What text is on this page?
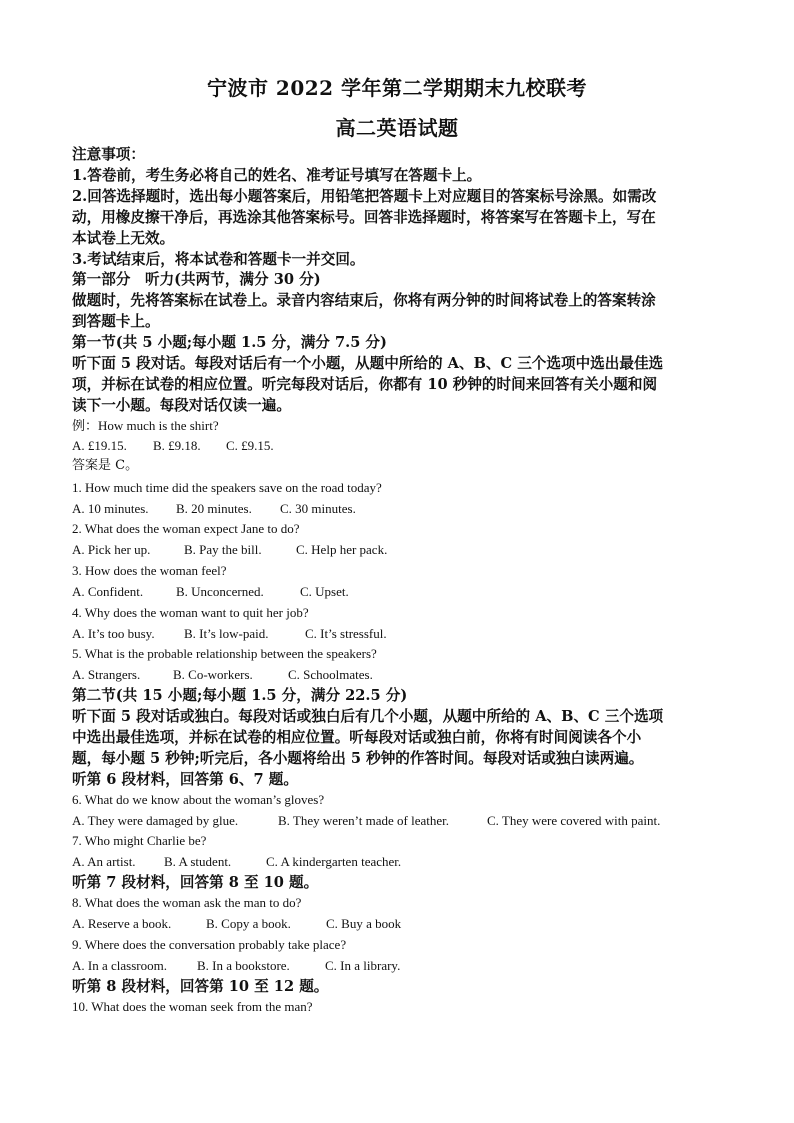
宁波市 2022 学年第二学期期末九校联考
高二英语试题
注意事项：
1.答卷前，考生务必将自己的姓名、准考证号填写在答题卡上。
2.回答选择题时，选出每小题答案后，用铅笔把答题卡上对应题目的答案标号涂黑。如需改
动，用橡皮擦干净后，再选涂其他答案标号。回答非选择题时，将答案写在答题卡上，写在
本试卷上无效。
3.考试结束后，将本试卷和答题卡一并交回。
第一部分　听力(共两节，满分 30 分)
做题时，先将答案标在试卷上。录音内容结束后，你将有两分钟的时间将试卷上的答案转涂
到答题卡上。
第一节(共 5 小题;每小题 1.5 分，满分 7.5 分)
听下面 5 段对话。每段对话后有一个小题，从题中所给的 A、B、C 三个选项中选出最佳选
项，并标在试卷的相应位置。听完每段对话后，你都有 10 秒钟的时间来回答有关小题和阅
读下一小题。每段对话仅读一遍。
例：How much is the shirt?
A. £19.15. B. £9.18. C. £9.15.
答案是 C。
1. How much time did the speakers save on the road today?
A. 10 minutes. B. 20 minutes. C. 30 minutes.
2. What does the woman expect Jane to do?
A. Pick her up.	B. Pay the bill.	C. Help her pack.
3. How does the woman feel?
A. Confident.	B. Unconcerned.	C. Upset.
4. Why does the woman want to quit her job?
A. It’s too busy. B. It’s low-paid.	C. It’s stressful.
5. What is the probable relationship between the speakers?
A. Strangers.	B. Co-workers.	C. Schoolmates.
第二节(共 15 小题;每小题 1.5 分，满分 22.5 分)
听下面 5 段对话或独白。每段对话或独白后有几个小题，从题中所给的 A、B、C 三个选项
中选出最佳选项，并标在试卷的相应位置。听每段对话或独白前，你将有时间阅读各个小
题，每小题 5 秒钟;听完后，各小题将给出 5 秒钟的作答时间。每段对话或独白读两遍。
听第 6 段材料，回答第 6、7 题。
6. What do we know about the woman’s gloves?
A. They were damaged by glue.	B. They weren’t made of leather.	C. They were covered with paint.
7. Who might Charlie be?
A. An artist. B. A student.	C. A kindergarten teacher.
听第 7 段材料，回答第 8 至 10 题。
8. What does the woman ask the man to do?
A. Reserve a book.	B. Copy a book.	C. Buy a book
9. Where does the conversation probably take place?
A. In a classroom. B. In a bookstore.	C. In a library.
听第 8 段材料，回答第 10 至 12 题。
10. What does the woman seek from the man?
